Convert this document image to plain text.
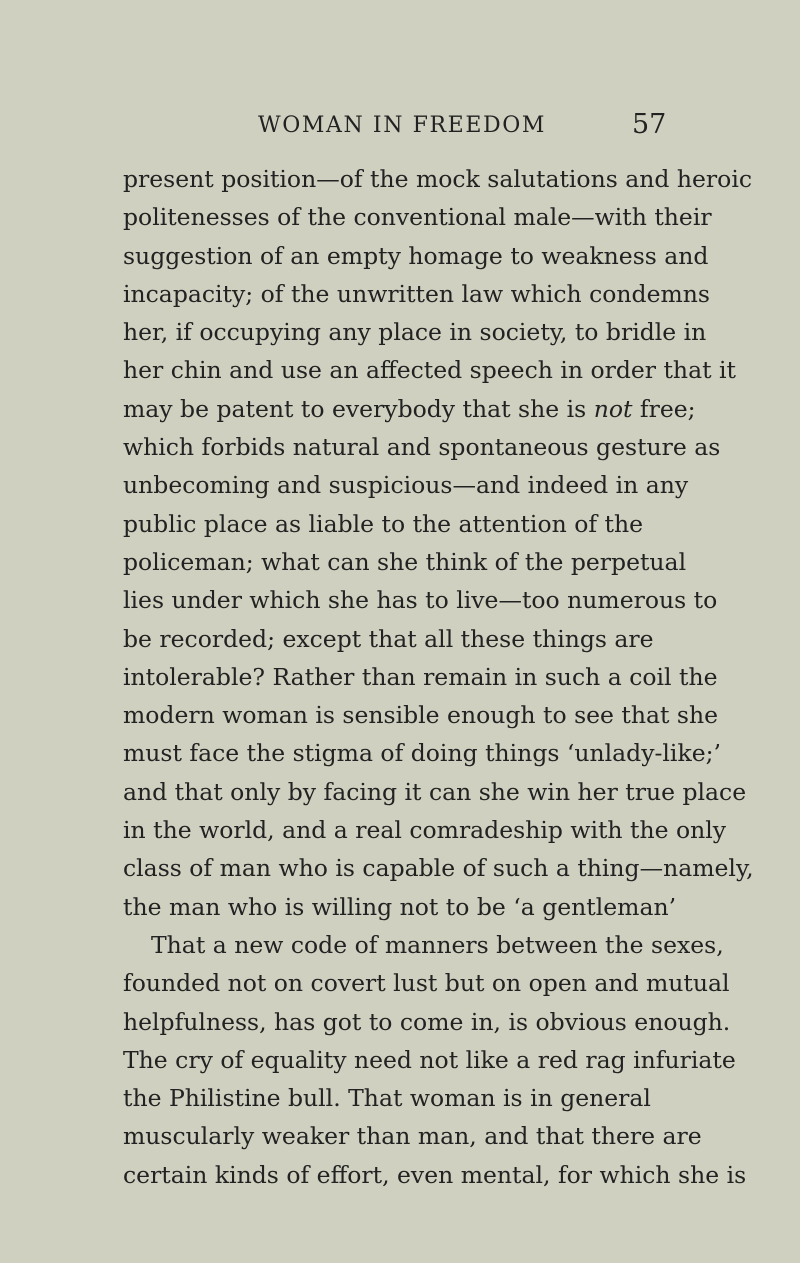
WOMAN IN FREEDOM	57
present position—of the mock salutations and heroic
politenesses of the conventional male—with their
suggestion of an empty homage to weakness and
incapacity; of the unwritten law which condemns
her, if occupying any place in society, to bridle in
her chin and use an affected speech in order that it
may be patent to everybody that she is not free;
which forbids natural and spontaneous gesture as
unbecoming and suspicious—and indeed in any
public place as liable to the attention of the
policeman; what can she think of the perpetual
lies under which she has to live—too numerous to
be recorded; except that all these things are
intolerable? Rather than remain in such a coil the
modern woman is sensible enough to see that she
must face the stigma of doing things ‘unlady-like;’
and that only by facing it can she win her true place
in the world, and a real comradeship with the only
class of man who is capable of such a thing—namely,
the man who is willing not to be ‘a gentleman’
That a new code of manners between the sexes,
founded not on covert lust but on open and mutual
helpfulness, has got to come in, is obvious enough.
The cry of equality need not like a red rag infuriate
the Philistine bull. That woman is in general
muscularly weaker than man, and that there are
certain kinds of effort, even mental, for which she is
